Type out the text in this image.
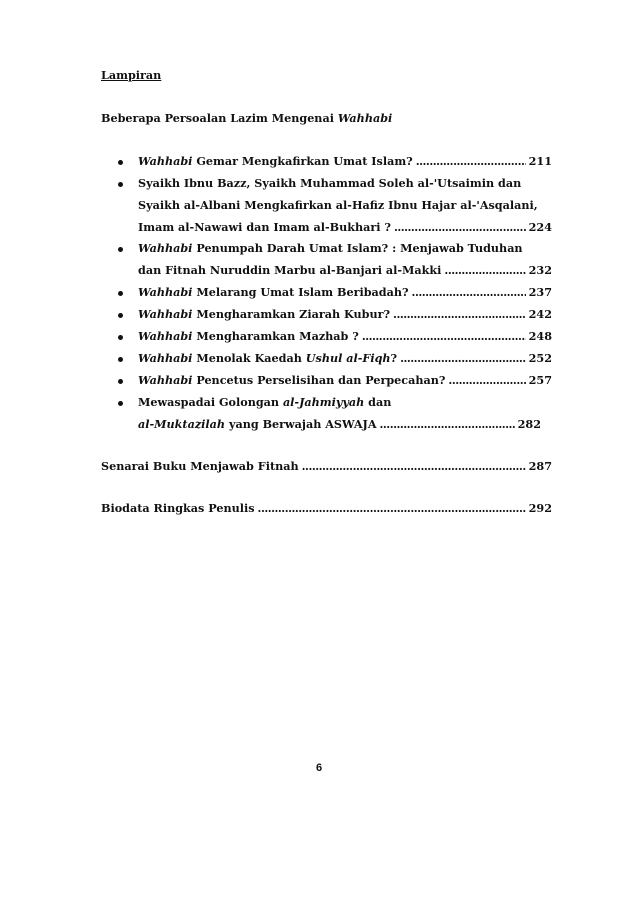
Lampiran
Beberapa Persoalan Lazim Mengenai Wahhabi
Wahhabi Gemar Mengkafirkan Umat Islam? .....	211
Syaikh Ibnu Bazz, Syaikh Muhammad Soleh al-'Utsaimin dan
Syaikh al-Albani Mengkafirkan al-Hafiz Ibnu Hajar al-'Asqalani,
Imam al-Nawawi dan Imam al-Bukhari ? .....	224
Wahhabi Penumpah Darah Umat Islam? : Menjawab Tuduhan
dan Fitnah Nuruddin Marbu al-Banjari al-Makki .....	232
Wahhabi Melarang Umat Islam Beribadah? .....	237
Wahhabi Mengharamkan Ziarah Kubur? .....	242
Wahhabi Mengharamkan Mazhab ? .....	248
Wahhabi Menolak Kaedah Ushul al-Fiqh? .....	252
Wahhabi Pencetus Perselisihan dan Perpecahan? .....	257
Mewaspadai Golongan al-Jahmiyyah dan
al-Muktazilah yang Berwajah ASWAJA .....	282
Senarai Buku Menjawab Fitnah .....	287
Biodata Ringkas Penulis .....	292
6
